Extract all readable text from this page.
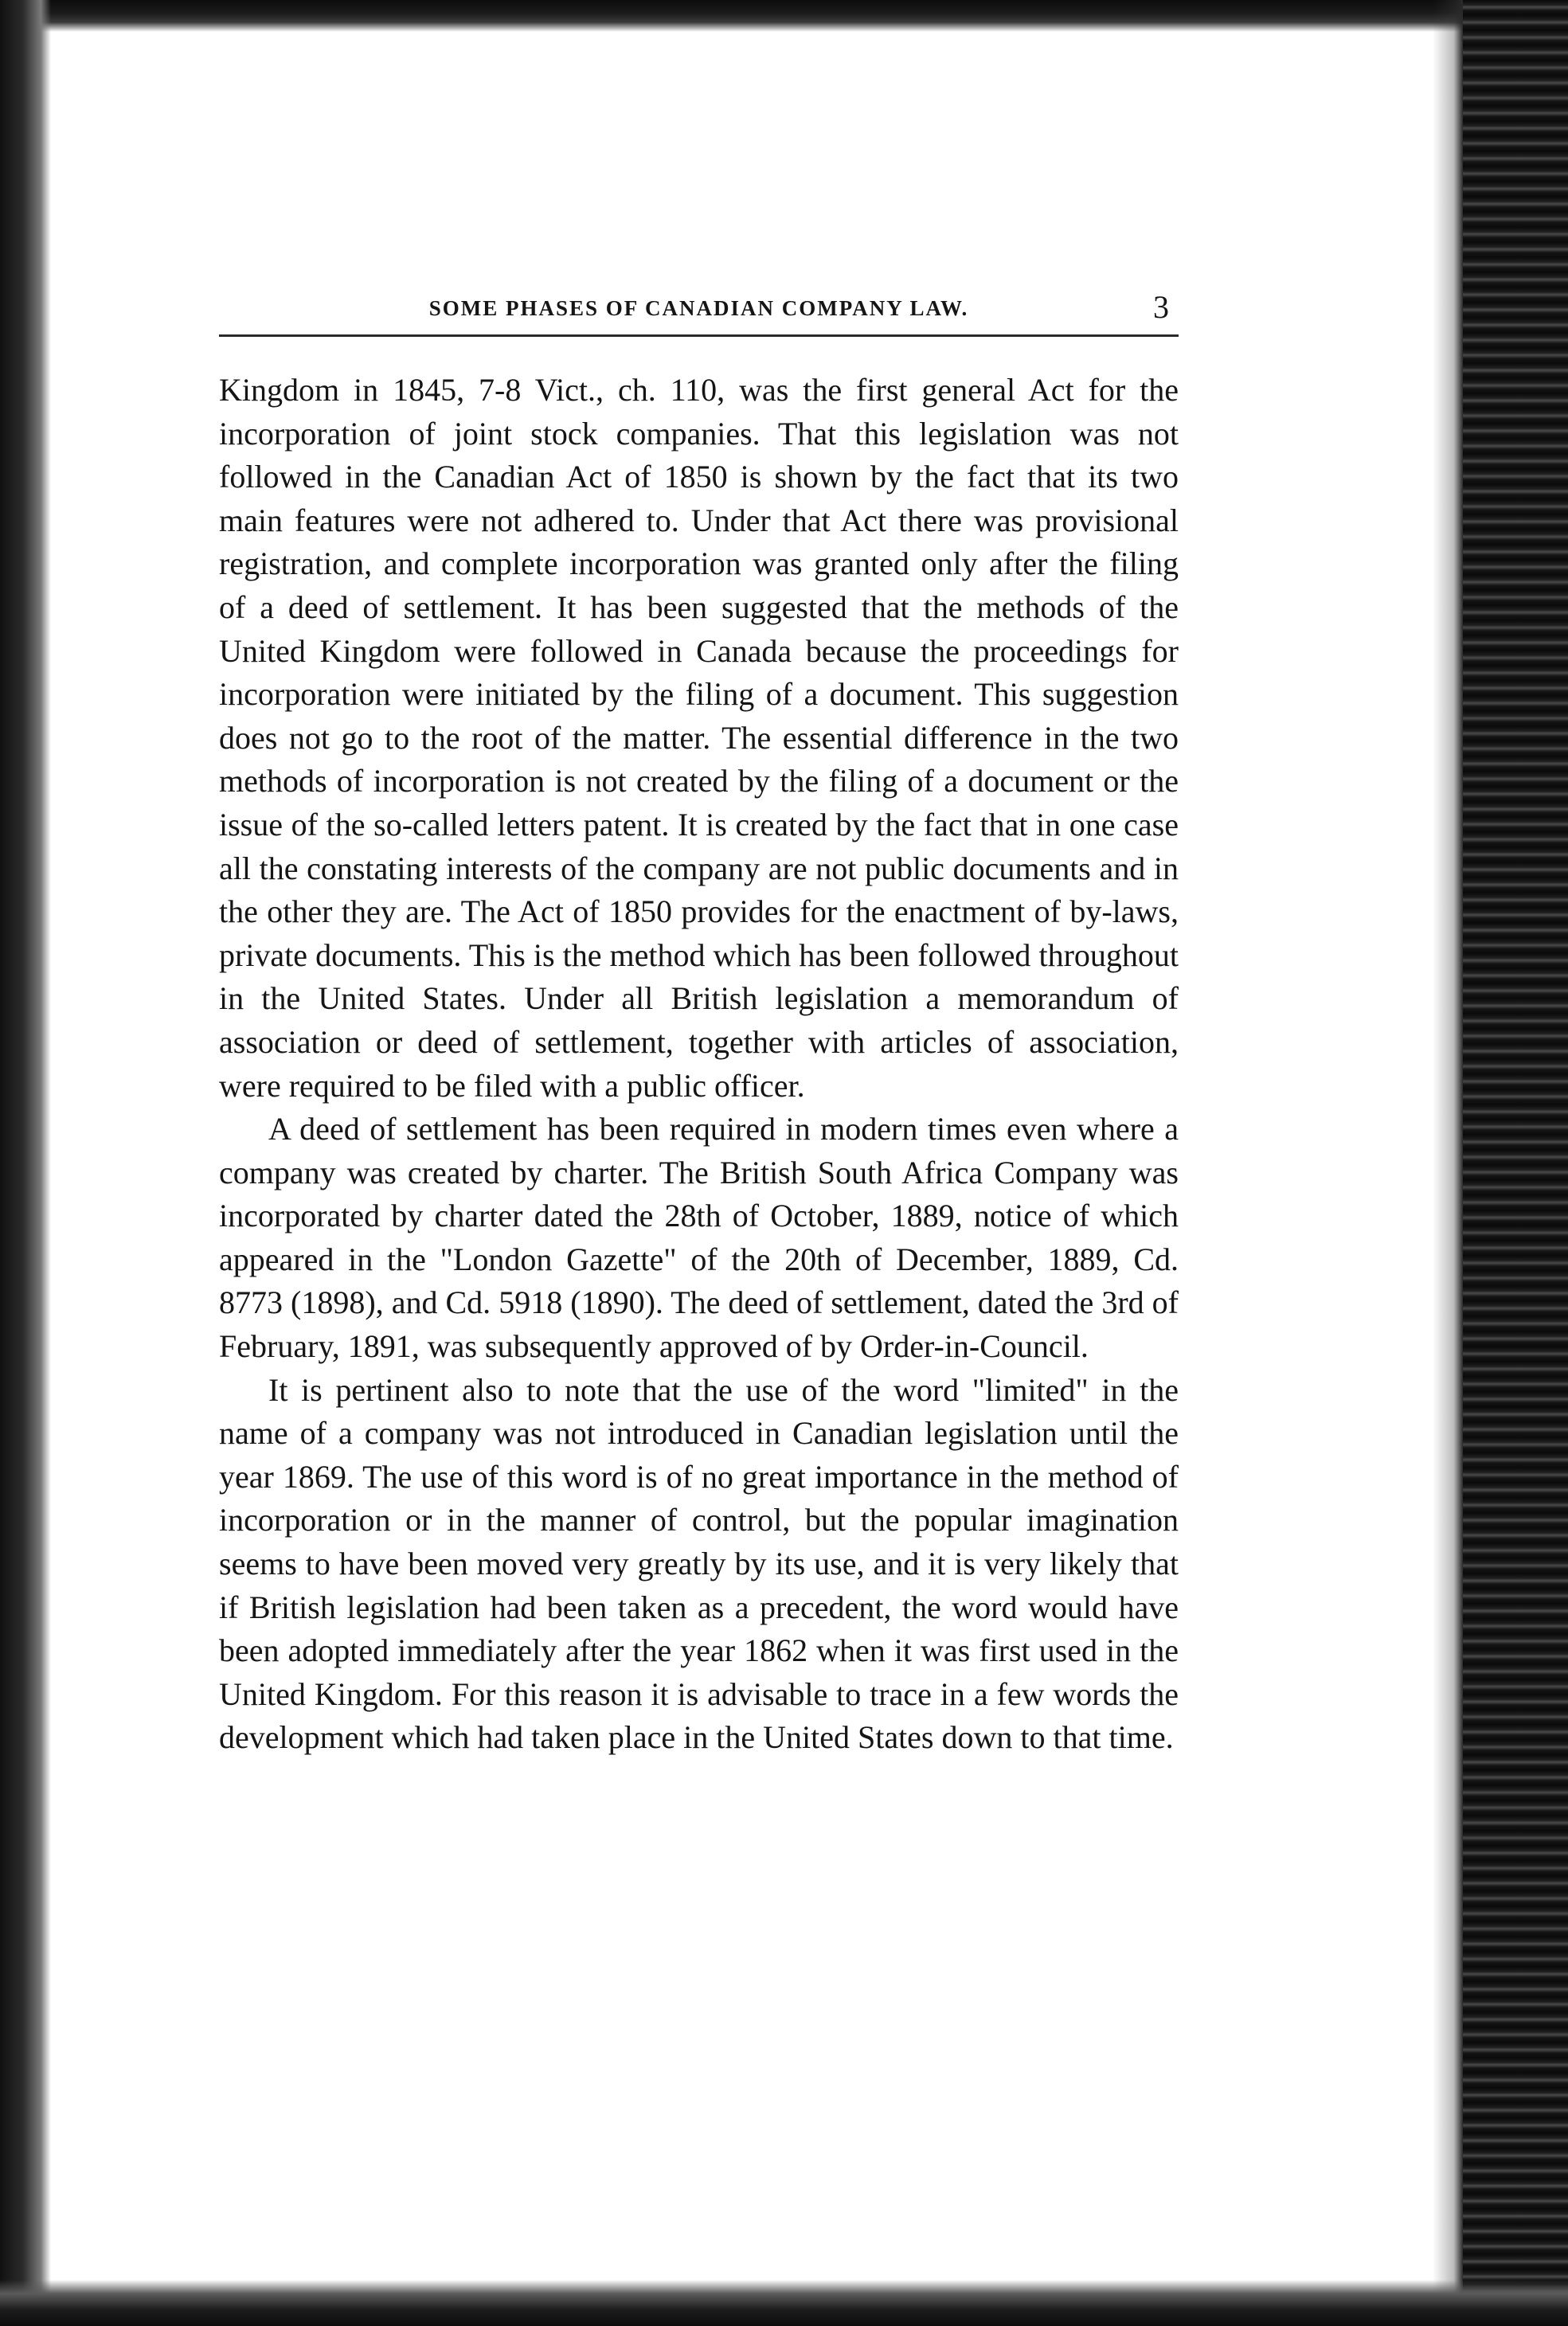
SOME PHASES OF CANADIAN COMPANY LAW.	3

Kingdom in 1845, 7-8 Vict., ch. 110, was the first general Act for the incorporation of joint stock companies. That this legislation was not followed in the Canadian Act of 1850 is shown by the fact that its two main features were not adhered to. Under that Act there was provisional registration, and complete incorporation was granted only after the filing of a deed of settlement. It has been suggested that the methods of the United Kingdom were followed in Canada because the proceedings for incorporation were initiated by the filing of a document. This suggestion does not go to the root of the matter. The essential difference in the two methods of incorporation is not created by the filing of a document or the issue of the so-called letters patent. It is created by the fact that in one case all the constating interests of the company are not public documents and in the other they are. The Act of 1850 provides for the enactment of by-laws, private documents. This is the method which has been followed throughout in the United States. Under all British legislation a memorandum of association or deed of settlement, together with articles of association, were required to be filed with a public officer.

A deed of settlement has been required in modern times even where a company was created by charter. The British South Africa Company was incorporated by charter dated the 28th of October, 1889, notice of which appeared in the "London Gazette" of the 20th of December, 1889, Cd. 8773 (1898), and Cd. 5918 (1890). The deed of settlement, dated the 3rd of February, 1891, was subsequently approved of by Order-in-Council.

It is pertinent also to note that the use of the word "limited" in the name of a company was not introduced in Canadian legislation until the year 1869. The use of this word is of no great importance in the method of incorporation or in the manner of control, but the popular imagination seems to have been moved very greatly by its use, and it is very likely that if British legislation had been taken as a precedent, the word would have been adopted immediately after the year 1862 when it was first used in the United Kingdom. For this reason it is advisable to trace in a few words the development which had taken place in the United States down to that time.
